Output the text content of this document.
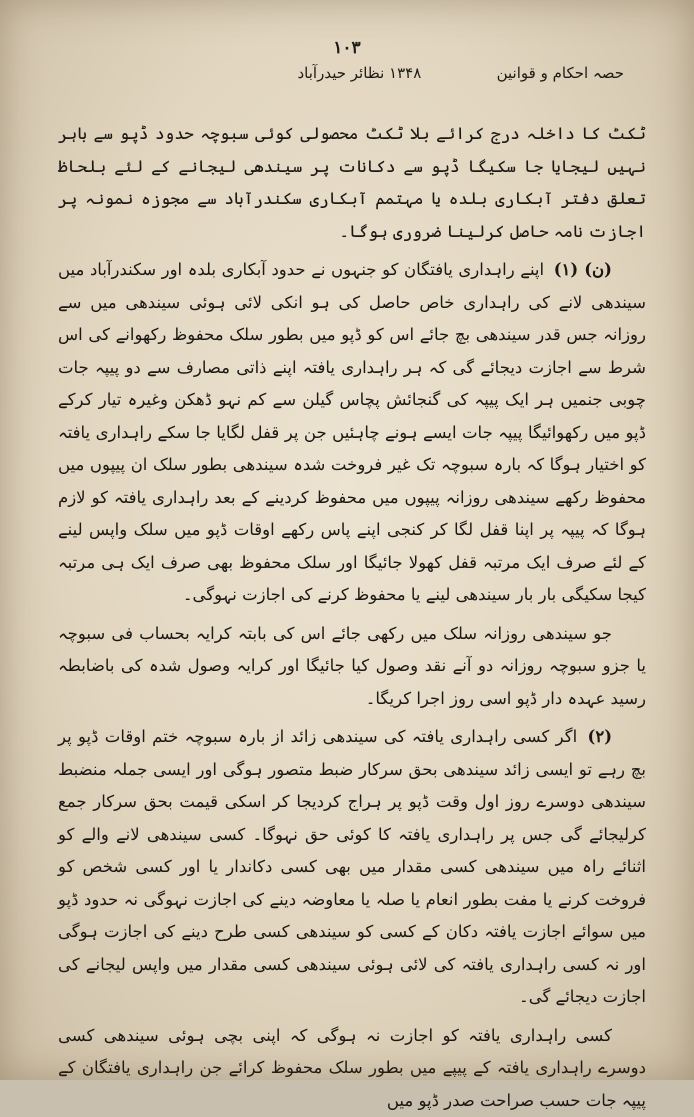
۱۰۳
۱۳۴۸ نظائر حیدرآباد	حصہ احکام و قوانین

ٹکٹ کا داخلہ درج کرائے بلا ٹکٹ محصولی کوئی سبوچہ حدود ڈپو سے باہر نہیں لیجایا جا سکیگا ڈپو سے دکانات پر سیندھی لیجانے کے لئے بلحاظ تعلق دفتر آبکاری بلدہ یا مہتمم آبکاری سکندرآباد سے مجوزہ نمونہ پر اجازت نامہ حاصل کرلینا ضروری ہوگا۔

(ن) (۱) اپنے راہداری یافتگان کو جنہوں نے حدود آبکاری بلدہ اور سکندرآباد میں سیندھی لانے کی راہداری خاص حاصل کی ہو انکی لائی ہوئی سیندھی میں سے روزانہ جس قدر سیندھی بچ جائے اس کو ڈپو میں بطور سلک محفوظ رکھوانے کی اس شرط سے اجازت دیجائے گی کہ ہر راہداری یافتہ اپنے ذاتی مصارف سے دو پیپہ جات چوبی جنمیں ہر ایک پیپہ کی گنجائش پچاس گیلن سے کم نہو ڈھکن وغیرہ تیار کرکے ڈپو میں رکھوائیگا پیپہ جات ایسے ہونے چاہئیں جن پر قفل لگایا جا سکے راہداری یافتہ کو اختیار ہوگا کہ بارہ سبوچہ تک غیر فروخت شدہ سیندھی بطور سلک ان پیپوں میں محفوظ رکھے سیندھی روزانہ پیپوں میں محفوظ کردینے کے بعد راہداری یافتہ کو لازم ہوگا کہ پیپہ پر اپنا قفل لگا کر کنجی اپنے پاس رکھے اوقات ڈپو میں سلک واپس لینے کے لئے صرف ایک مرتبہ قفل کھولا جائیگا اور سلک محفوظ بھی صرف ایک ہی مرتبہ کیجا سکیگی بار بار سیندھی لینے یا محفوظ کرنے کی اجازت نہوگی۔

جو سیندھی روزانہ سلک میں رکھی جائے اس کی بابتہ کرایہ بحساب فی سبوچہ یا جزو سبوچہ روزانہ دو آنے نقد وصول کیا جائیگا اور کرایہ وصول شدہ کی باضابطہ رسید عہدہ دار ڈپو اسی روز اجرا کریگا۔

(۲) اگر کسی راہداری یافتہ کی سیندھی زائد از بارہ سبوچہ ختم اوقات ڈپو پر بچ رہے تو ایسی زائد سیندھی بحق سرکار ضبط متصور ہوگی اور ایسی جملہ منضبط سیندھی دوسرے روز اول وقت ڈپو پر ہراج کردیجا کر اسکی قیمت بحق سرکار جمع کرلیجائے گی جس پر راہداری یافتہ کا کوئی حق نہوگا۔ کسی سیندھی لانے والے کو اثنائے راہ میں سیندھی کسی مقدار میں بھی کسی دکاندار یا اور کسی شخص کو فروخت کرنے یا مفت بطور انعام یا صلہ یا معاوضہ دینے کی اجازت نہوگی نہ حدود ڈپو میں سوائے اجازت یافتہ دکان کے کسی کو سیندھی کسی طرح دینے کی اجازت ہوگی اور نہ کسی راہداری یافتہ کی لائی ہوئی سیندھی کسی مقدار میں واپس لیجانے کی اجازت دیجائے گی۔

کسی راہداری یافتہ کو اجازت نہ ہوگی کہ اپنی بچی ہوئی سیندھی کسی دوسرے راہداری یافتہ کے پیپے میں بطور سلک محفوظ کرائے جن راہداری یافتگان کے پیپہ جات حسب صراحت صدر ڈپو میں
